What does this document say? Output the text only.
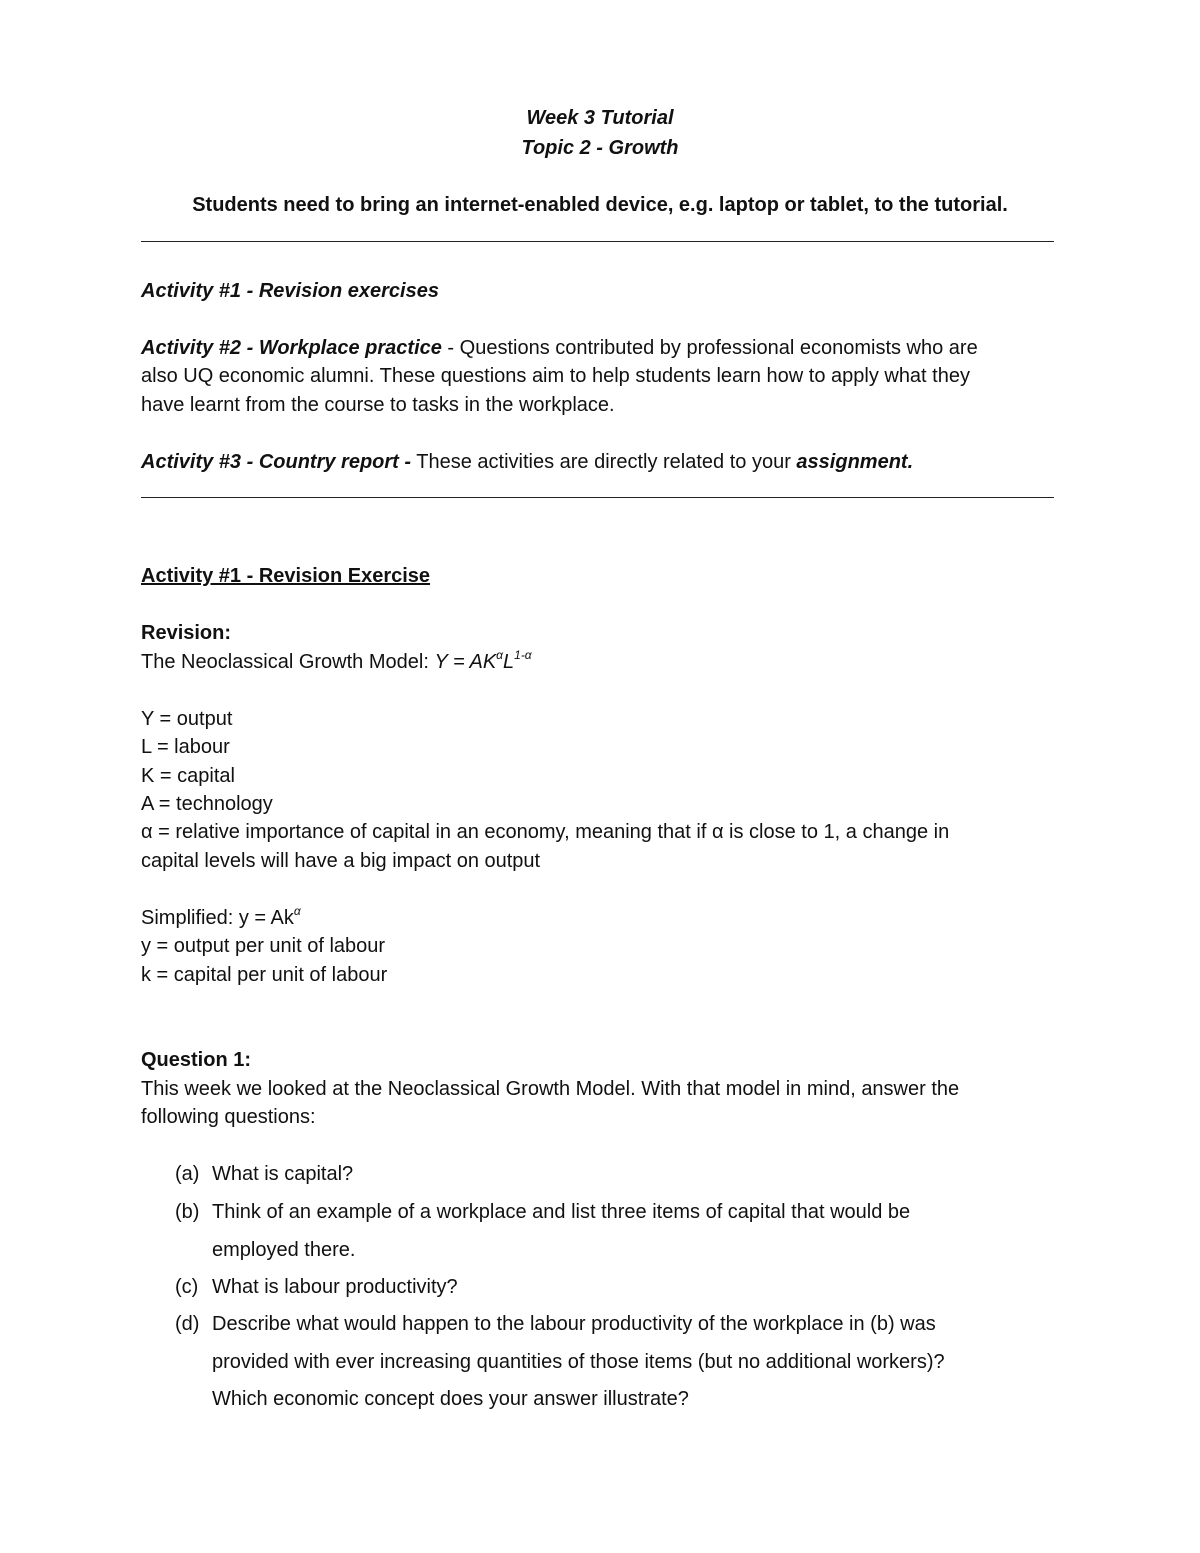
Week 3 Tutorial

Topic 2 - Growth

Students need to bring an internet-enabled device, e.g. laptop or tablet, to the tutorial.

Activity #1 - Revision exercises

Activity #2 - Workplace practice - Questions contributed by professional economists who are

also UQ economic alumni. These questions aim to help students learn how to apply what they

have learnt from the course to tasks in the workplace.

Activity #3 - Country report - These activities are directly related to your assignment.

Activity #1 - Revision Exercise

Revision:

The Neoclassical Growth Model: $Y = AK^\alpha L^{1-\alpha}$

Y = output

L = labour

K = capital

A = technology

α = relative importance of capital in an economy, meaning that if α is close to 1, a change in

capital levels will have a big impact on output

Simplified: $y = Ak^\alpha$

y = output per unit of labour

k = capital per unit of labour

Question 1:

This week we looked at the Neoclassical Growth Model. With that model in mind, answer the

following questions:

(a) What is capital?

(b) Think of an example of a workplace and list three items of capital that would be

employed there.

(c) What is labour productivity?

(d) Describe what would happen to the labour productivity of the workplace in (b) was

provided with ever increasing quantities of those items (but no additional workers)?

Which economic concept does your answer illustrate?
